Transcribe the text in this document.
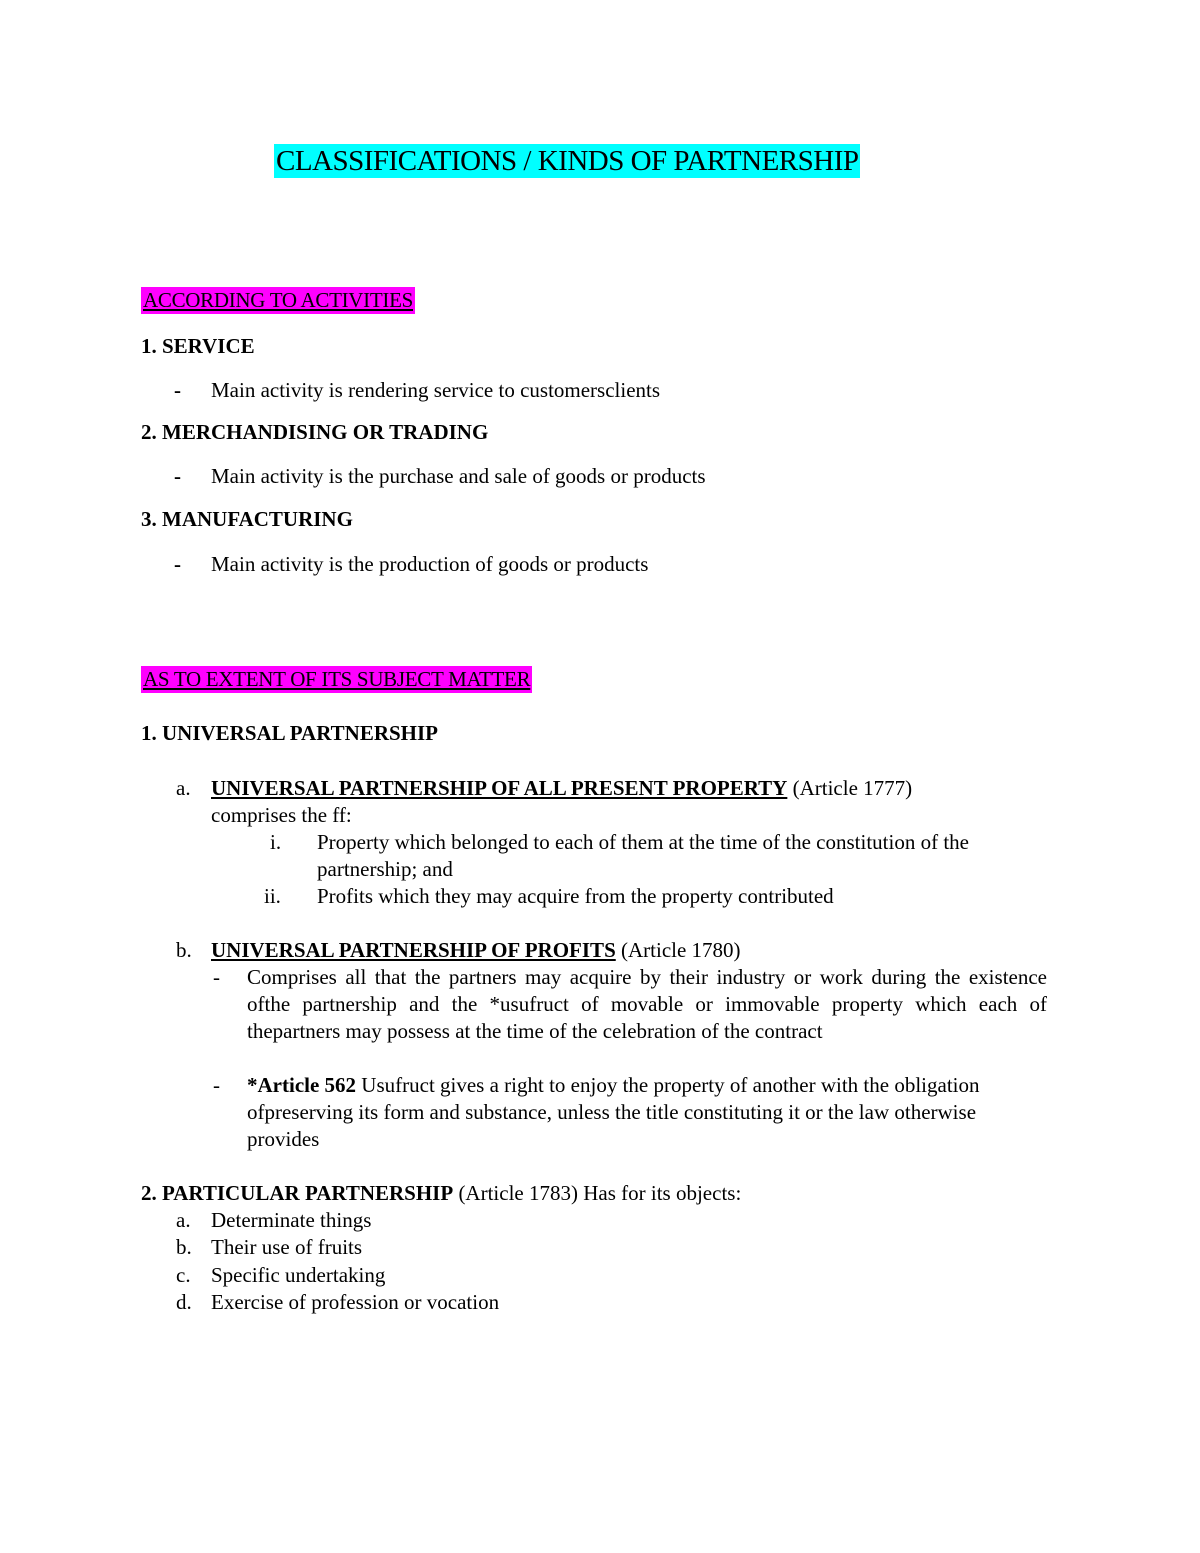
CLASSIFICATIONS / KINDS OF PARTNERSHIP
ACCORDING TO ACTIVITIES
1. SERVICE
- Main activity is rendering service to customersclients
2. MERCHANDISING OR TRADING
- Main activity is the purchase and sale of goods or products
3. MANUFACTURING
- Main activity is the production of goods or products
AS TO EXTENT OF ITS SUBJECT MATTER
1. UNIVERSAL PARTNERSHIP
a. UNIVERSAL PARTNERSHIP OF ALL PRESENT PROPERTY (Article 1777)
comprises the ff:
i. Property which belonged to each of them at the time of the constitution of the
partnership; and
ii. Profits which they may acquire from the property contributed
b. UNIVERSAL PARTNERSHIP OF PROFITS (Article 1780)
- Comprises all that the partners may acquire by their industry or work during the existence ofthe partnership and the *usufruct of movable or immovable property which each of thepartners may possess at the time of the celebration of the contract
- *Article 562 Usufruct gives a right to enjoy the property of another with the obligation ofpreserving its form and substance, unless the title constituting it or the law otherwise provides
2. PARTICULAR PARTNERSHIP (Article 1783) Has for its objects:
a. Determinate things
b. Their use of fruits
c. Specific undertaking
d. Exercise of profession or vocation
